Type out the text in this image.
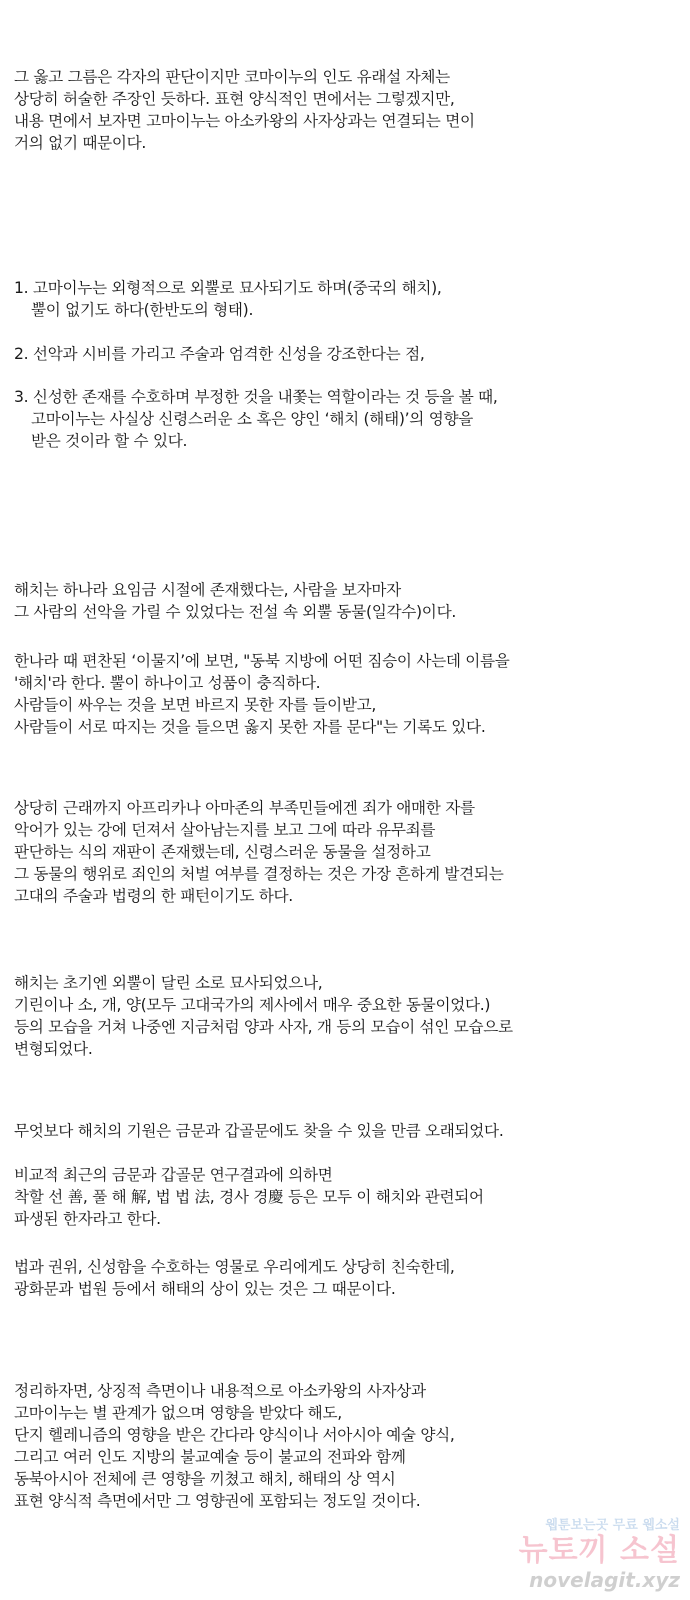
그 옳고 그름은 각자의 판단이지만 코마이누의 인도 유래설 자체는
상당히 허술한 주장인 듯하다. 표현 양식적인 면에서는 그렇겠지만,
내용 면에서 보자면 고마이누는 아소카왕의 사자상과는 연결되는 면이
거의 없기 때문이다.
1. 고마이누는 외형적으로 외뿔로 묘사되기도 하며(중국의 해치),
뿔이 없기도 하다(한반도의 형태).
2. 선악과 시비를 가리고 주술과 엄격한 신성을 강조한다는 점,
3. 신성한 존재를 수호하며 부정한 것을 내쫓는 역할이라는 것 등을 볼 때,
고마이누는 사실상 신령스러운 소 혹은 양인 ‘해치 (해태)’의 영향을
받은 것이라 할 수 있다.
해치는 하나라 요임금 시절에 존재했다는, 사람을 보자마자
그 사람의 선악을 가릴 수 있었다는 전설 속 외뿔 동물(일각수)이다.
한나라 때 편찬된 ‘이물지’에 보면, "동북 지방에 어떤 짐승이 사는데 이름을
'해치'라 한다. 뿔이 하나이고 성품이 충직하다.
사람들이 싸우는 것을 보면 바르지 못한 자를 들이받고,
사람들이 서로 따지는 것을 들으면 옳지 못한 자를 문다"는 기록도 있다.
상당히 근래까지 아프리카나 아마존의 부족민들에겐 죄가 애매한 자를
악어가 있는 강에 던져서 살아남는지를 보고 그에 따라 유무죄를
판단하는 식의 재판이 존재했는데, 신령스러운 동물을 설정하고
그 동물의 행위로 죄인의 처벌 여부를 결정하는 것은 가장 흔하게 발견되는
고대의 주술과 법령의 한 패턴이기도 하다.
해치는 초기엔 외뿔이 달린 소로 묘사되었으나,
기린이나 소, 개, 양(모두 고대국가의 제사에서 매우 중요한 동물이었다.)
등의 모습을 거쳐 나중엔 지금처럼 양과 사자, 개 등의 모습이 섞인 모습으로
변형되었다.
무엇보다 해치의 기원은 금문과 갑골문에도 찾을 수 있을 만큼 오래되었다.
비교적 최근의 금문과 갑골문 연구결과에 의하면
착할 선 善, 풀 해 解, 법 법 法, 경사 경慶 등은 모두 이 해치와 관련되어
파생된 한자라고 한다.
법과 권위, 신성함을 수호하는 영물로 우리에게도 상당히 친숙한데,
광화문과 법원 등에서 해태의 상이 있는 것은 그 때문이다.
정리하자면, 상징적 측면이나 내용적으로 아소카왕의 사자상과
고마이누는 별 관계가 없으며 영향을 받았다 해도,
단지 헬레니즘의 영향을 받은 간다라 양식이나 서아시아 예술 양식,
그리고 여러 인도 지방의 불교예술 등이 불교의 전파와 함께
동북아시아 전체에 큰 영향을 끼쳤고 해치, 해태의 상 역시
표현 양식적 측면에서만 그 영향권에 포함되는 정도일 것이다.
웹툰보는곳 무료 웹소설
뉴토끼 소설
novelagit.xyz
